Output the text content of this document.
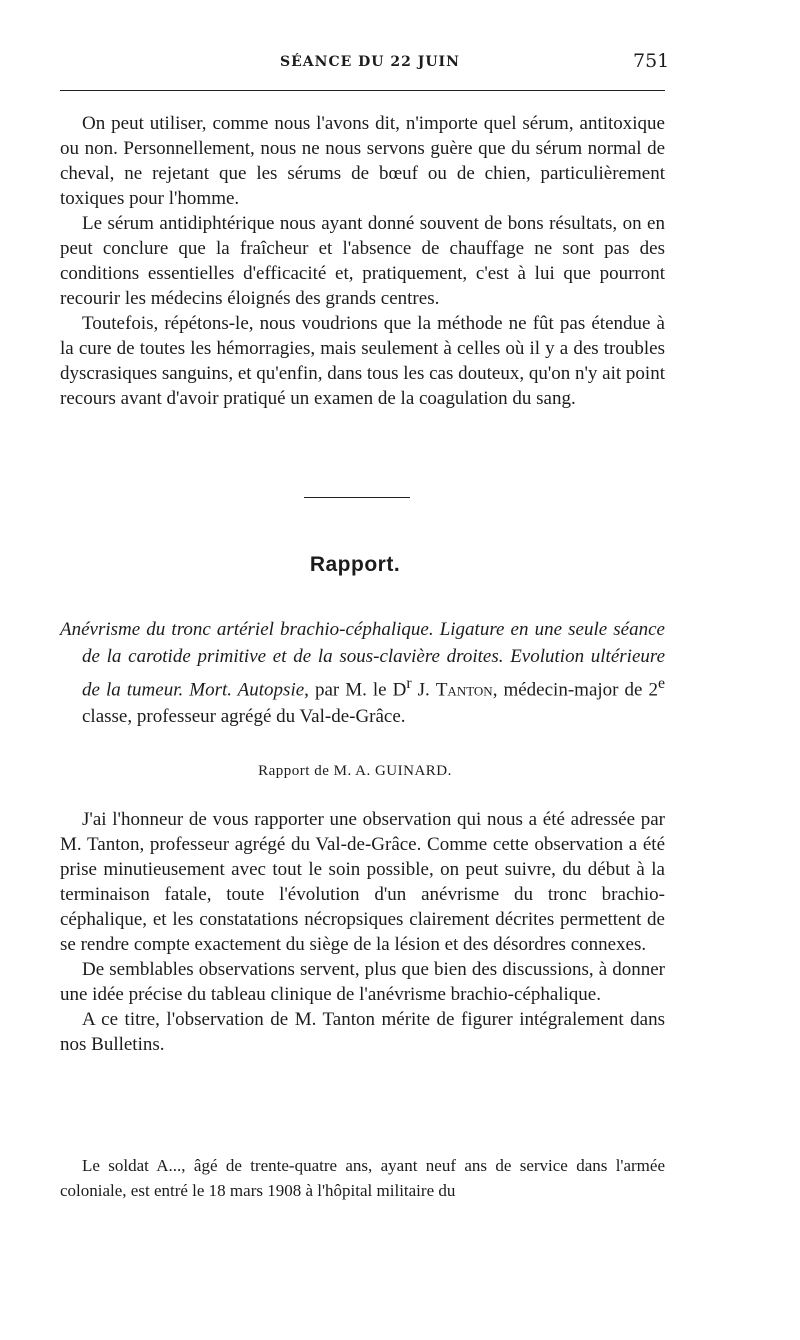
SÉANCE DU 22 JUIN	751

On peut utiliser, comme nous l'avons dit, n'importe quel sérum, antitoxique ou non. Personnellement, nous ne nous servons guère que du sérum normal de cheval, ne rejetant que les sérums de bœuf ou de chien, particulièrement toxiques pour l'homme.

Le sérum antidiphtérique nous ayant donné souvent de bons résultats, on en peut conclure que la fraîcheur et l'absence de chauffage ne sont pas des conditions essentielles d'efficacité et, pratiquement, c'est à lui que pourront recourir les médecins éloignés des grands centres.

Toutefois, répétons-le, nous voudrions que la méthode ne fût pas étendue à la cure de toutes les hémorragies, mais seulement à celles où il y a des troubles dyscrasiques sanguins, et qu'enfin, dans tous les cas douteux, qu'on n'y ait point recours avant d'avoir pratiqué un examen de la coagulation du sang.

Rapport.
Anévrisme du tronc artériel brachio-céphalique. Ligature en une seule séance de la carotide primitive et de la sous-clavière droites. Evolution ultérieure de la tumeur. Mort. Autopsie, par M. le $D^r$ J. Tanton, médecin-major de 2e classe, professeur agrégé du Val-de-Grâce.
Rapport de M. A. GUINARD.

J'ai l'honneur de vous rapporter une observation qui nous a été adressée par M. Tanton, professeur agrégé du Val-de-Grâce. Comme cette observation a été prise minutieusement avec tout le soin possible, on peut suivre, du début à la terminaison fatale, toute l'évolution d'un anévrisme du tronc brachio-céphalique, et les constatations nécropsiques clairement décrites permettent de se rendre compte exactement du siège de la lésion et des désordres connexes.

De semblables observations servent, plus que bien des discussions, à donner une idée précise du tableau clinique de l'anévrisme brachio-céphalique.

A ce titre, l'observation de M. Tanton mérite de figurer intégralement dans nos Bulletins.

Le soldat A..., âgé de trente-quatre ans, ayant neuf ans de service dans l'armée coloniale, est entré le 18 mars 1908 à l'hôpital militaire du
